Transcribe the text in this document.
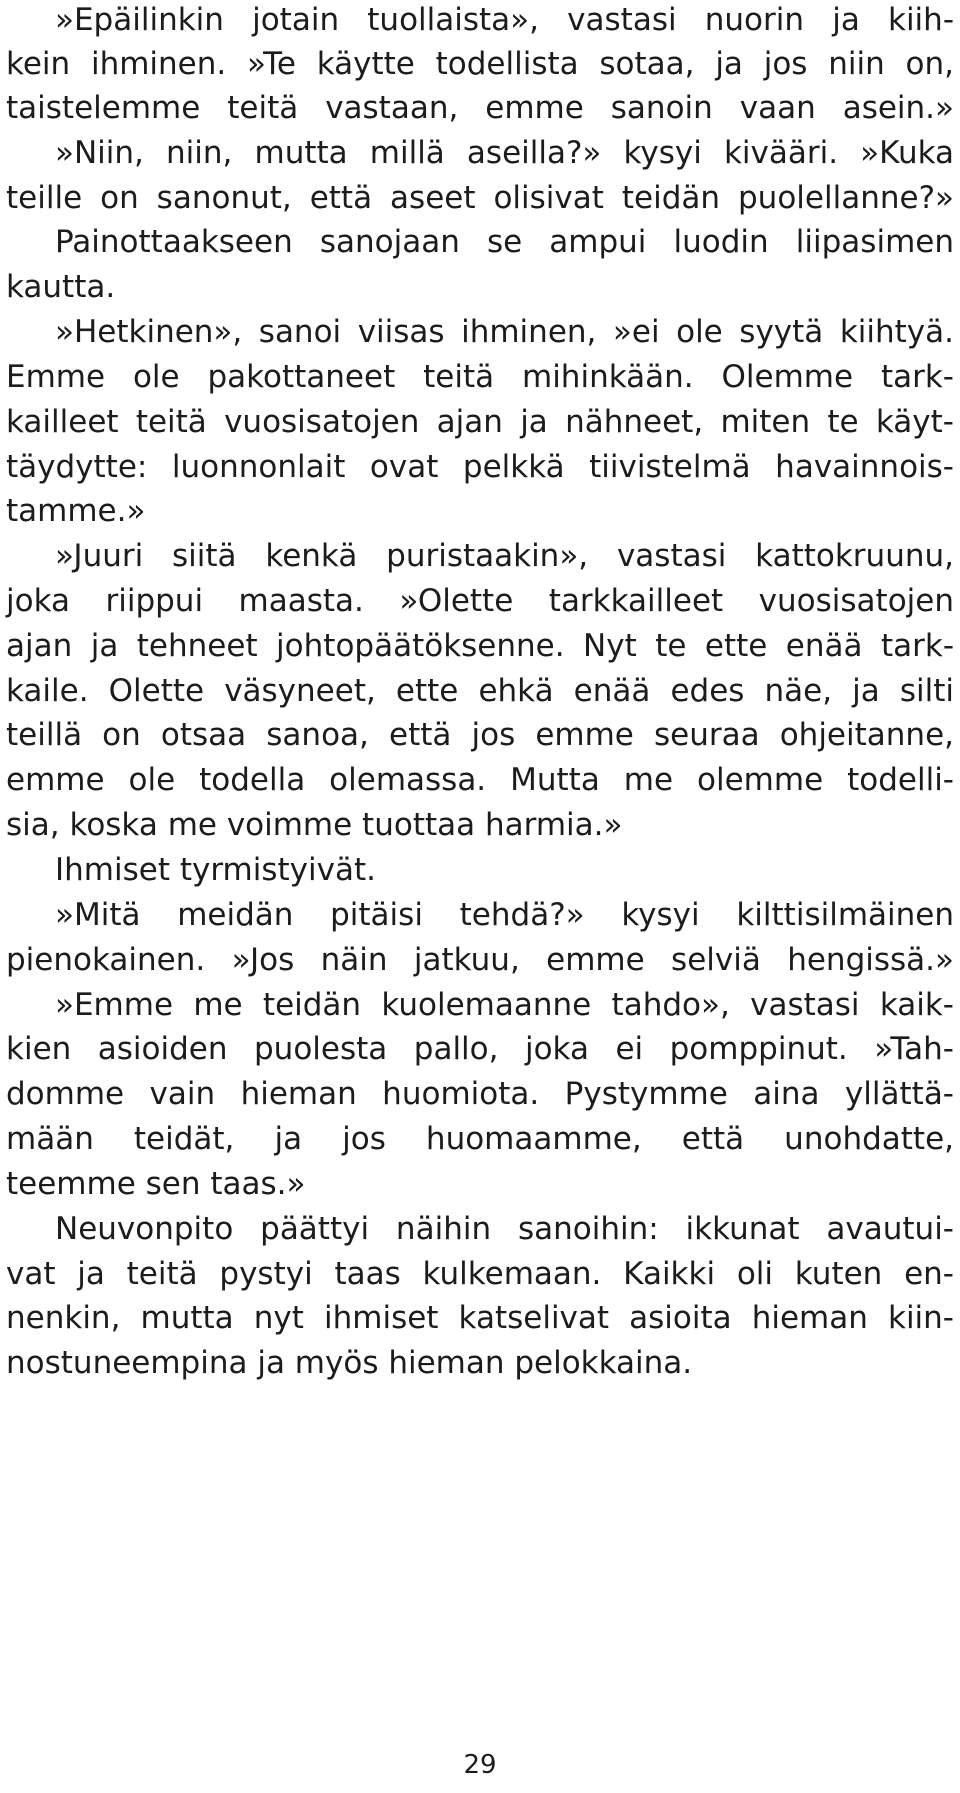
»Epäilinkin jotain tuollaista», vastasi nuorin ja kiih-
kein ihminen. »Te käytte todellista sotaa, ja jos niin on,
taistelemme teitä vastaan, emme sanoin vaan asein.»
»Niin, niin, mutta millä aseilla?» kysyi kivääri. »Kuka
teille on sanonut, että aseet olisivat teidän puolellanne?»
Painottaakseen sanojaan se ampui luodin liipasimen
kautta.
»Hetkinen», sanoi viisas ihminen, »ei ole syytä kiihtyä.
Emme ole pakottaneet teitä mihinkään. Olemme tark-
kailleet teitä vuosisatojen ajan ja nähneet, miten te käyt-
täydytte: luonnonlait ovat pelkkä tiivistelmä havainnois-
tamme.»
»Juuri siitä kenkä puristaakin», vastasi kattokruunu,
joka riippui maasta. »Olette tarkkailleet vuosisatojen
ajan ja tehneet johtopäätöksenne. Nyt te ette enää tark-
kaile. Olette väsyneet, ette ehkä enää edes näe, ja silti
teillä on otsaa sanoa, että jos emme seuraa ohjeitanne,
emme ole todella olemassa. Mutta me olemme todelli-
sia, koska me voimme tuottaa harmia.»
Ihmiset tyrmistyivät.
»Mitä meidän pitäisi tehdä?» kysyi kilttisilmäinen
pienokainen. »Jos näin jatkuu, emme selviä hengissä.»
»Emme me teidän kuolemaanne tahdo», vastasi kaik-
kien asioiden puolesta pallo, joka ei pomppinut. »Tah-
domme vain hieman huomiota. Pystymme aina yllättä-
mään teidät, ja jos huomaamme, että unohdatte,
teemme sen taas.»
Neuvonpito päättyi näihin sanoihin: ikkunat avautui-
vat ja teitä pystyi taas kulkemaan. Kaikki oli kuten en-
nenkin, mutta nyt ihmiset katselivat asioita hieman kiin-
nostuneempina ja myös hieman pelokkaina.
29
